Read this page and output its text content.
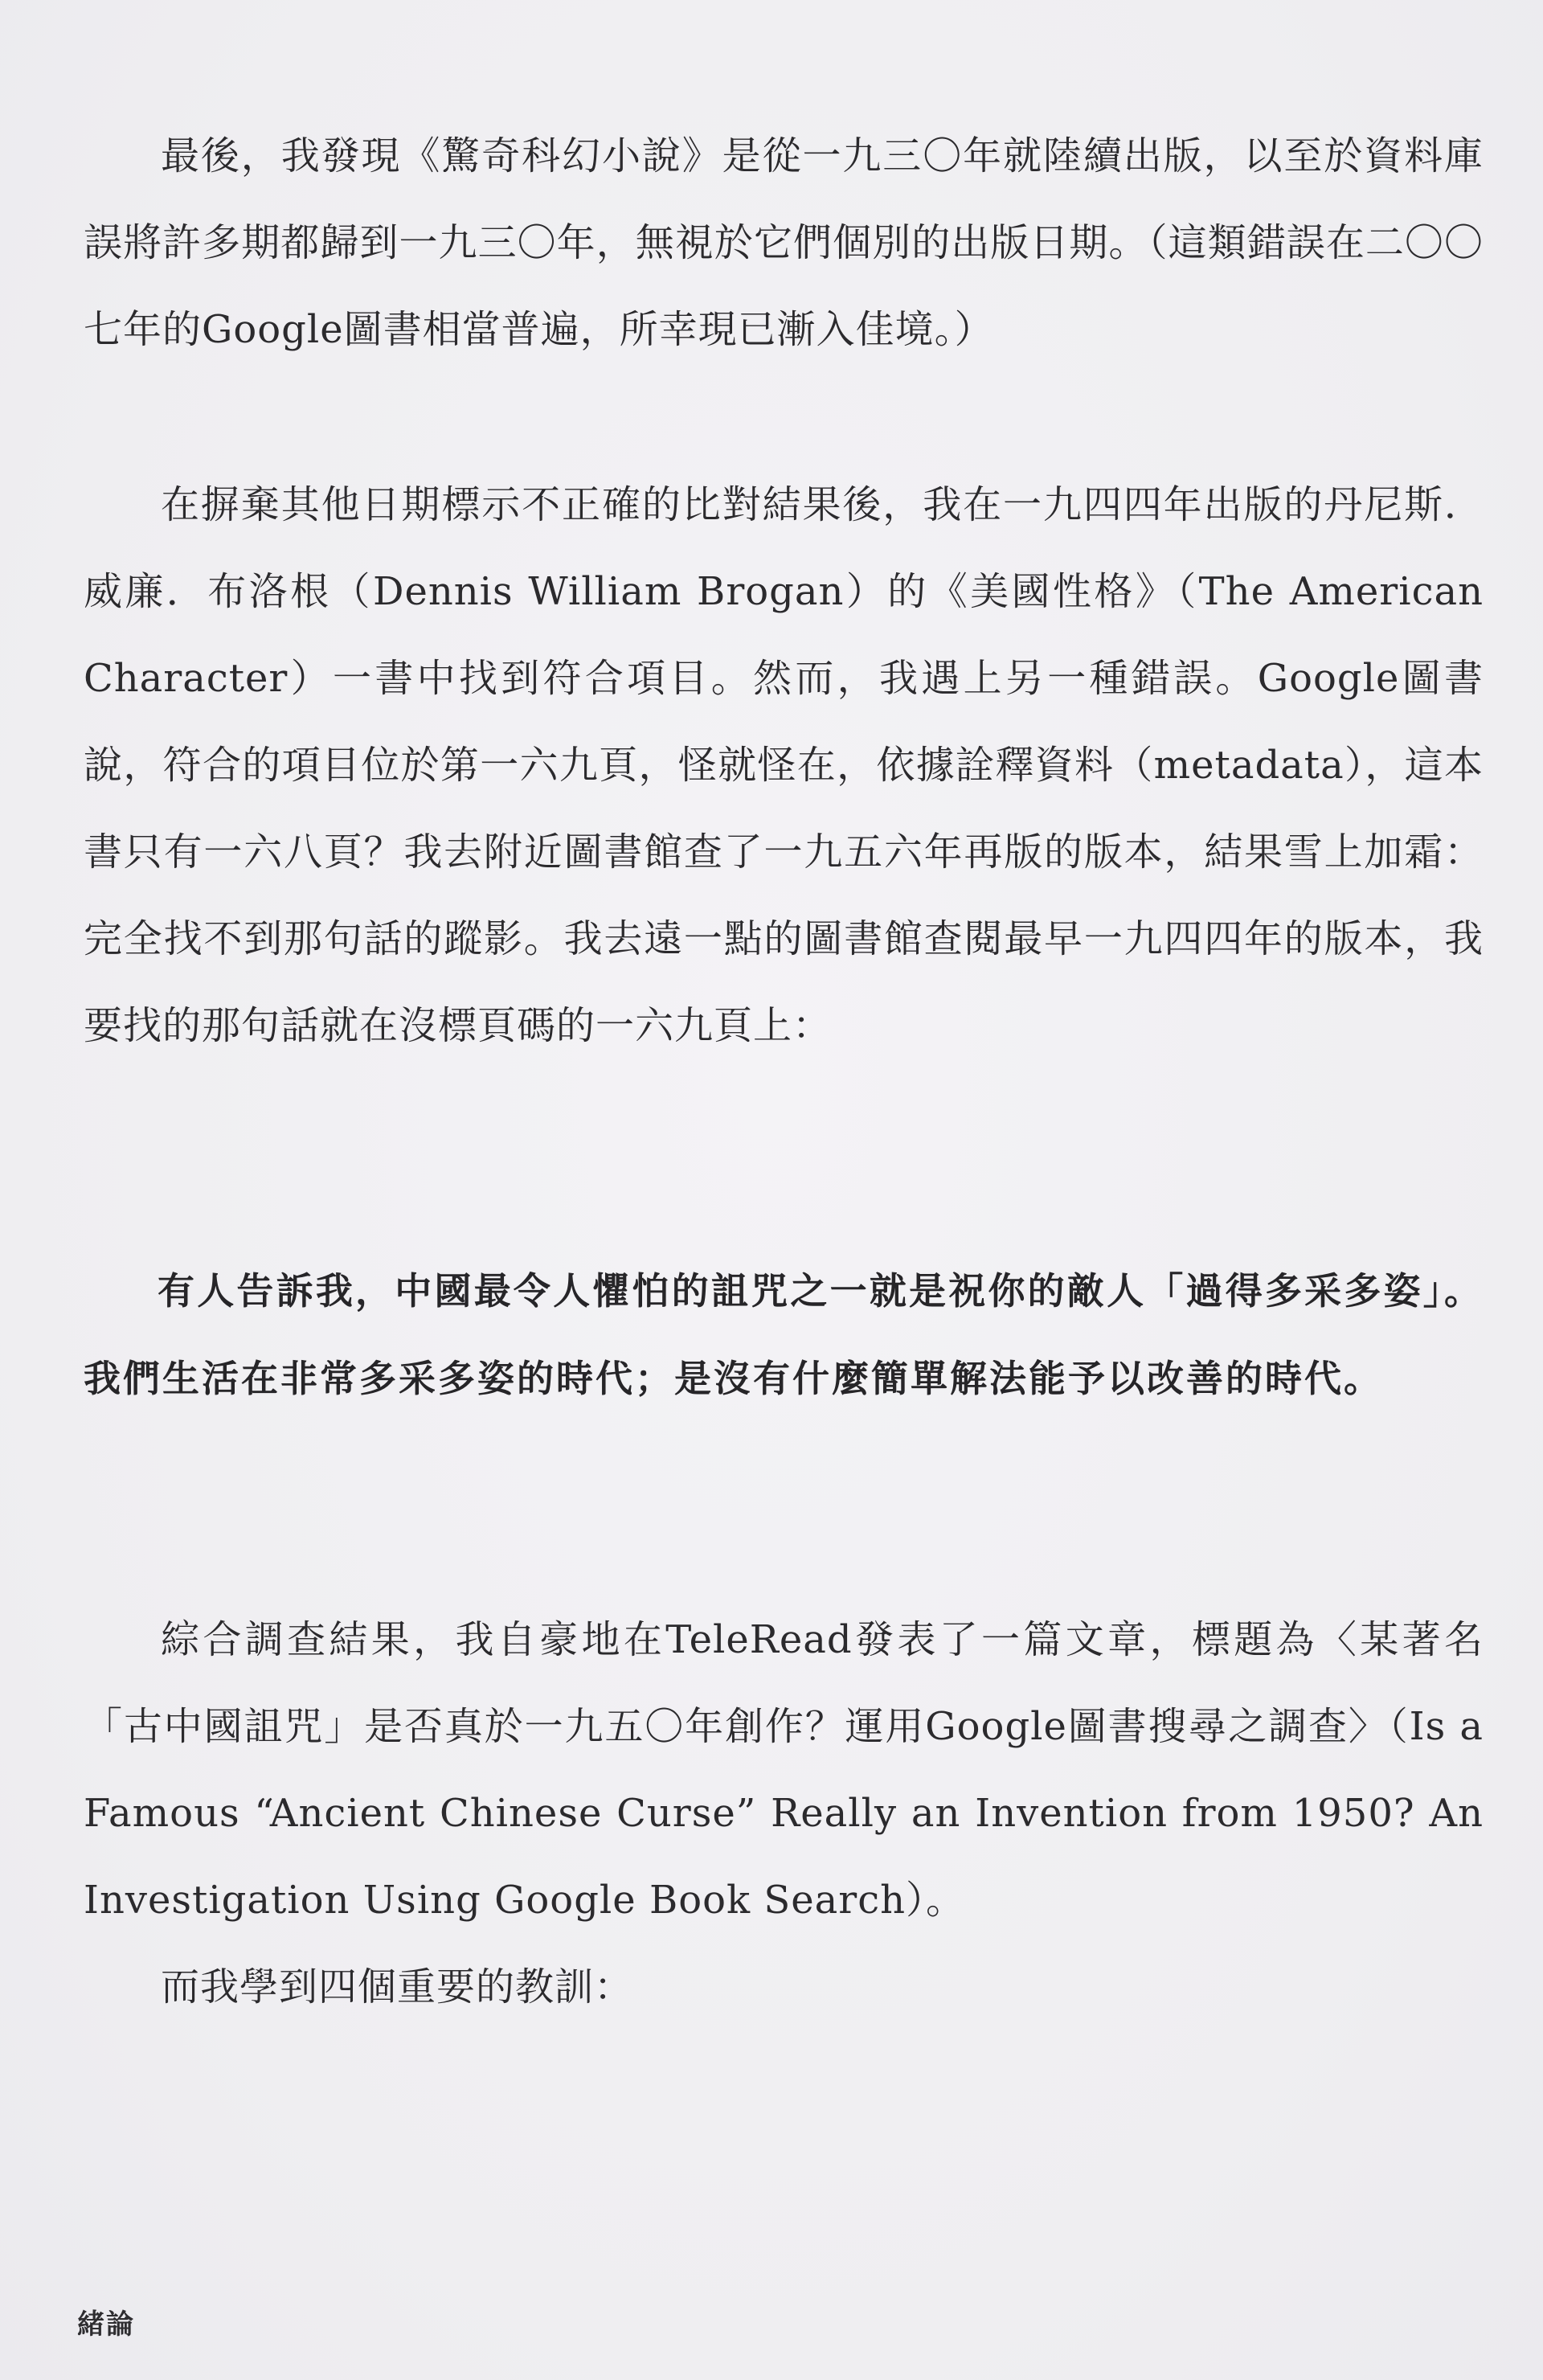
最後，我發現《驚奇科幻小說》是從一九三〇年就陸續出版，以至於資料庫誤將許多期都歸到一九三〇年，無視於它們個別的出版日期。（這類錯誤在二〇〇七年的Google圖書相當普遍，所幸現已漸入佳境。）

在摒棄其他日期標示不正確的比對結果後，我在一九四四年出版的丹尼斯．威廉．布洛根（Dennis William Brogan）的《美國性格》（The American Character）一書中找到符合項目。然而，我遇上另一種錯誤。Google圖書說，符合的項目位於第一六九頁，怪就怪在，依據詮釋資料（metadata），這本書只有一六八頁？我去附近圖書館查了一九五六年再版的版本，結果雪上加霜：完全找不到那句話的蹤影。我去遠一點的圖書館查閱最早一九四四年的版本，我要找的那句話就在沒標頁碼的一六九頁上：

有人告訴我，中國最令人懼怕的詛咒之一就是祝你的敵人「過得多采多姿」。我們生活在非常多采多姿的時代；是沒有什麼簡單解法能予以改善的時代。

綜合調查結果，我自豪地在TeleRead發表了一篇文章，標題為〈某著名「古中國詛咒」是否真於一九五〇年創作？運用Google圖書搜尋之調查〉（Is a Famous “Ancient Chinese Curse” Really an Invention from 1950? An Investigation Using Google Book Search）。

而我學到四個重要的教訓：

緒論
